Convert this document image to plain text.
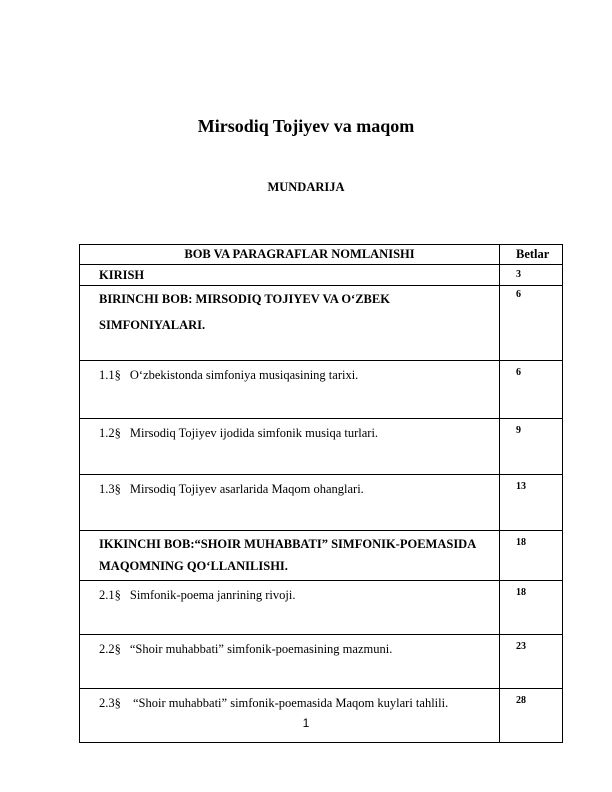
Mirsodiq Tojiyev va maqom
MUNDARIJA
BOB VA PARAGRAFLAR NOMLANISHI	Betlar
KIRISH	3

BIRINCHI BOB: MIRSODIQ TOJIYEV VA O‘ZBEK
SIMFONIYALARI.	6
1.1§ O‘zbekistonda simfoniya musiqasining tarixi.	6
1.2§ Mirsodiq Tojiyev ijodida simfonik musiqa turlari.	9
1.3§ Mirsodiq Tojiyev asarlarida Maqom ohanglari.	13

IKKINCHI BOB:“SHOIR MUHABBATI” SIMFONIK-POEMASIDA
MAQOMNING QO‘LLANILISHI.	18
2.1§ Simfonik-poema janrining rivoji.	18
2.2§ “Shoir muhabbati” simfonik-poemasining mazmuni.	23
2.3§ “Shoir muhabbati” simfonik-poemasida Maqom kuylari tahlili.	28
1
